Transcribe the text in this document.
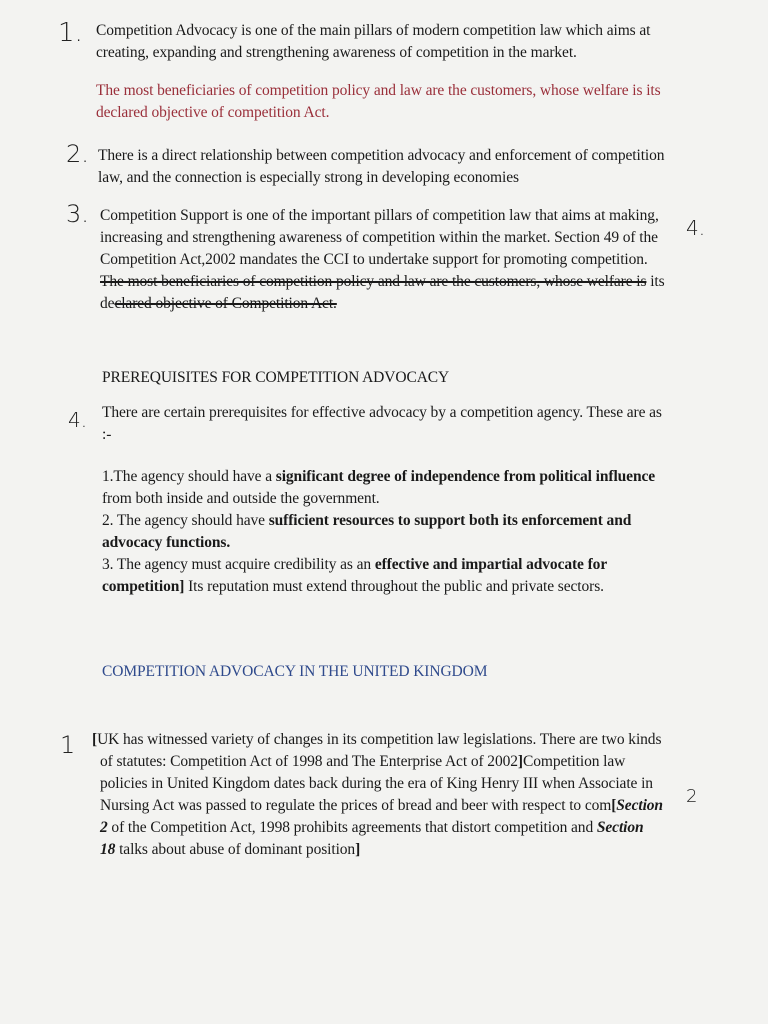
1.
2.
3.	4.
4.
1
2

Competition Advocacy is one of the main pillars of modern competition law which aims at

creating, expanding and strengthening awareness of competition in the market.

The most beneficiaries of competition policy and law are the customers, whose welfare is its

declared objective of competition Act.

There is a direct relationship between competition advocacy and enforcement of competition

law, and the connection is especially strong in developing economies

Competition Support is one of the important pillars of competition law that aims at making,

increasing and strengthening awareness of competition within the market. Section 49 of the

Competition Act,2002 mandates the CCI to undertake support for promoting competition.

The most beneficiaries of competition policy and law are the customers, whose welfare is its

declared objective of Competition Act.

PREREQUISITES FOR COMPETITION ADVOCACY

There are certain prerequisites for effective advocacy by a competition agency. These are as

:-

1.The agency should have a significant degree of independence from political influence

from both inside and outside the government.

2. The agency should have sufficient resources to support both its enforcement and

advocacy functions.

3. The agency must acquire credibility as an effective and impartial advocate for

competition] Its reputation must extend throughout the public and private sectors.

COMPETITION ADVOCACY IN THE UNITED KINGDOM

[UK has witnessed variety of changes in its competition law legislations. There are two kinds

of statutes: Competition Act of 1998 and The Enterprise Act of 2002]Competition law

policies in United Kingdom dates back during the era of King Henry III when Associate in

Nursing Act was passed to regulate the prices of bread and beer with respect to com[Section

2 of the Competition Act, 1998 prohibits agreements that distort competition and Section

18 talks about abuse of dominant position]
